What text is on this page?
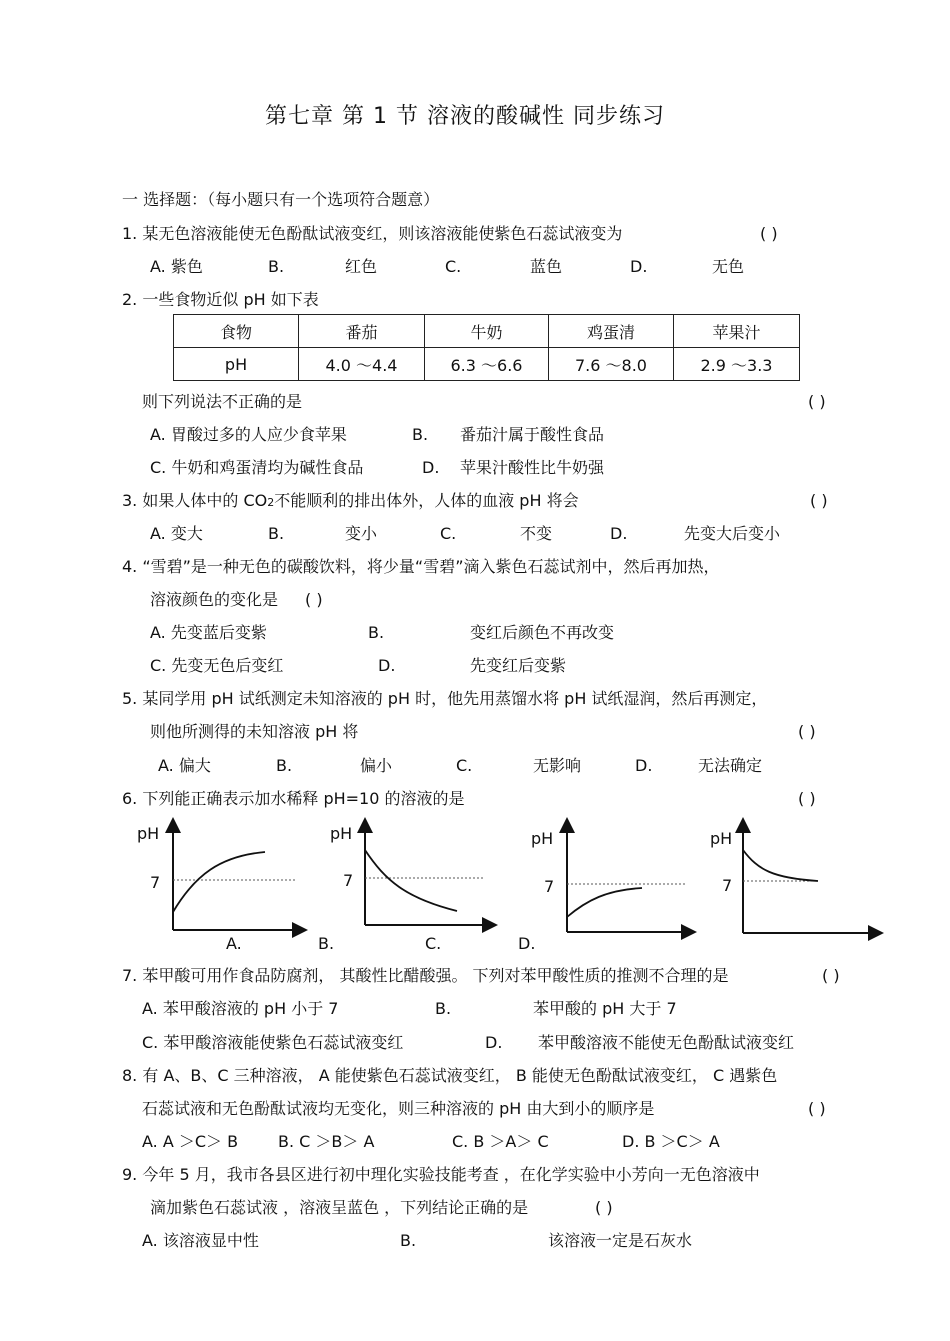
第七章 第 1 节 溶液的酸碱性 同步练习
一 选择题：（每小题只有一个选项符合题意）
1. 某无色溶液能使无色酚酞试液变红，则该溶液能使紫色石蕊试液变为	( )
A. 紫色	B.	红色	C.	蓝色	D.	无色
2. 一些食物近似 pH 如下表
食物	番茄	牛奶	鸡蛋清	苹果汁
pH	4.0 ～4.4	6.3 ～6.6	7.6 ～8.0	2.9 ～3.3
则下列说法不正确的是	( )
A. 胃酸过多的人应少食苹果	B. 番茄汁属于酸性食品
C. 牛奶和鸡蛋清均为碱性食品	D. 苹果汁酸性比牛奶强
3. 如果人体中的 CO2不能顺利的排出体外，人体的血液 pH 将会	( )
A. 变大	B.	变小	C.	不变	D.	先变大后变小
4. “雪碧”是一种无色的碳酸饮料，将少量“雪碧”滴入紫色石蕊试剂中，然后再加热，
溶液颜色的变化是 ( )
A. 先变蓝后变紫	B.	变红后颜色不再改变
C. 先变无色后变红	D.	先变红后变紫
5. 某同学用 pH 试纸测定未知溶液的 pH 时，他先用蒸馏水将 pH 试纸湿润，然后再测定，
则他所测得的未知溶液 pH 将	( )
A. 偏大	B.	偏小	C.	无影响	D.	无法确定
6. 下列能正确表示加水稀释 pH=10 的溶液的是	( )
pH
7
pH
7
pH
7
pH
7
A.	B.	C.	D.
7. 苯甲酸可用作食品防腐剂， 其酸性比醋酸强。 下列对苯甲酸性质的推测不合理的是	( )
A. 苯甲酸溶液的 pH 小于 7	B.	苯甲酸的 pH 大于 7
C. 苯甲酸溶液能使紫色石蕊试液变红	D. 苯甲酸溶液不能使无色酚酞试液变红
8. 有 A、B、C 三种溶液， A 能使紫色石蕊试液变红， B 能使无色酚酞试液变红， C 遇紫色
石蕊试液和无色酚酞试液均无变化，则三种溶液的 pH 由大到小的顺序是	( )
A. A ＞C＞ B B. C ＞B＞ A	C. B ＞A＞ C	D. B ＞C＞ A
9. 今年 5 月，我市各县区进行初中理化实验技能考查 ，在化学实验中小芳向一无色溶液中
滴加紫色石蕊试液 ，溶液呈蓝色 ，下列结论正确的是	( )
A. 该溶液显中性	B.	该溶液一定是石灰水
